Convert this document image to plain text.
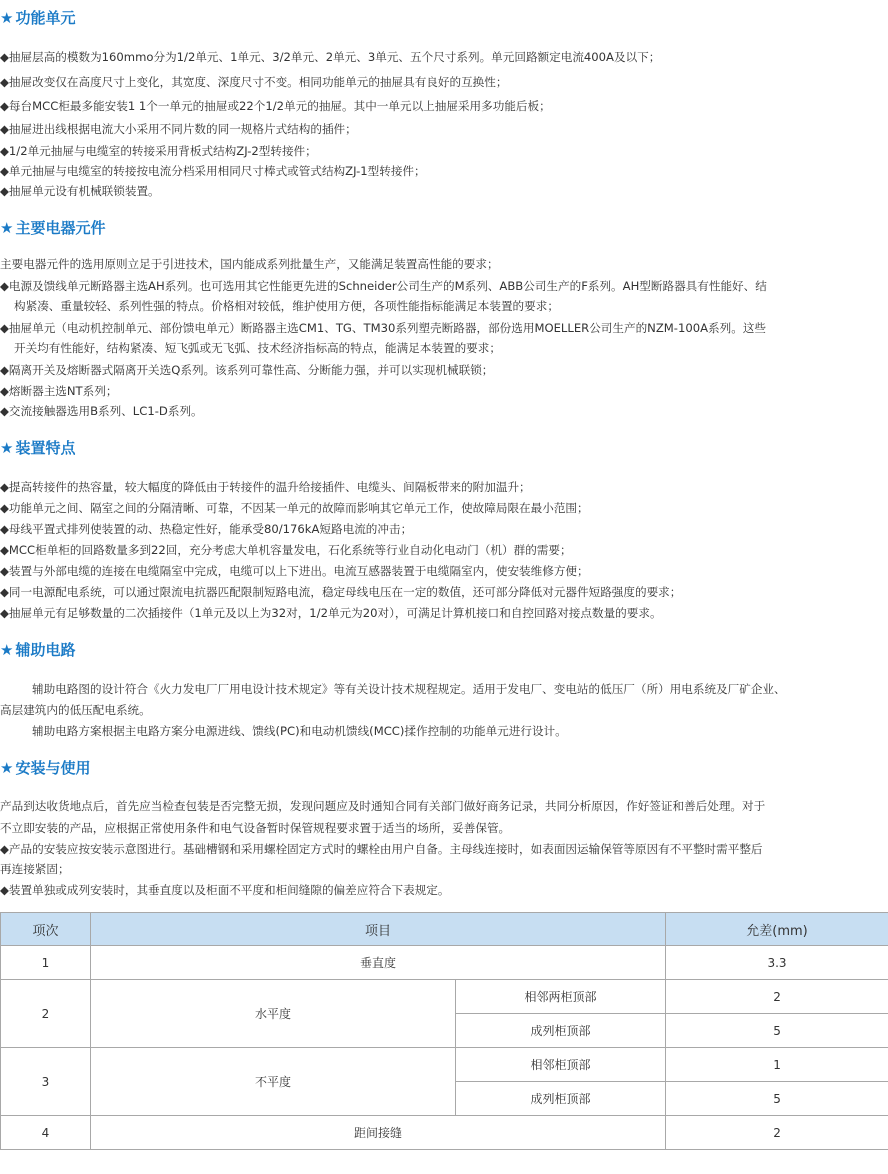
★ 功能单元
◆抽屉层高的模数为160mmo分为1/2单元、1单元、3/2单元、2单元、3单元、五个尺寸系列。单元回路额定电流400A及以下；
◆抽屉改变仅在高度尺寸上变化，其宽度、深度尺寸不变。相同功能单元的抽屉具有良好的互换性；
◆每台MCC柜最多能安装1 1个一单元的抽屉或22个1/2单元的抽屉。其中一单元以上抽屉采用多功能后板；
◆抽屉进出线根据电流大小采用不同片数的同一规格片式结构的插件；
◆1/2单元抽屉与电缆室的转接采用背板式结构ZJ-2型转接件；
◆单元抽屉与电缆室的转接按电流分档采用相同尺寸棒式或管式结构ZJ-1型转接件；
◆抽屉单元设有机械联锁装置。
★ 主要电器元件
主要电器元件的选用原则立足于引进技术，国内能成系列批量生产，又能满足装置高性能的要求；
◆电源及馈线单元断路器主选AH系列。也可选用其它性能更先进的Schneider公司生产的M系列、ABB公司生产的F系列。AH型断路器具有性能好、结
构紧凑、重量较轻、系列性强的特点。价格相对较低，维护使用方便，各项性能指标能满足本装置的要求；
◆抽屉单元（电动机控制单元、部份馈电单元）断路器主选CM1、TG、TM30系列塑壳断路器，部份选用MOELLER公司生产的NZM-100A系列。这些
开关均有性能好，结构紧凑、短飞弧或无飞弧、技术经济指标高的特点，能满足本装置的要求；
◆隔离开关及熔断器式隔离开关选Q系列。该系列可靠性高、分断能力强，并可以实现机械联锁；
◆熔断器主选NT系列；
◆交流接触器选用B系列、LC1-D系列。
★ 装置特点
◆提高转接件的热容量，较大幅度的降低由于转接件的温升给接插件、电缆头、间隔板带来的附加温升；
◆功能单元之间、隔室之间的分隔清晰、可靠，不因某一单元的故障而影响其它单元工作，使故障局限在最小范围；
◆母线平置式排列使装置的动、热稳定性好，能承受80/176kA短路电流的冲击；
◆MCC柜单柜的回路数量多到22回，充分考虑大单机容量发电，石化系统等行业自动化电动门（机）群的需要；
◆装置与外部电缆的连接在电缆隔室中完成，电缆可以上下进出。电流互感器装置于电缆隔室内，使安装维修方便；
◆同一电源配电系统，可以通过限流电抗器匹配限制短路电流，稳定母线电压在一定的数值，还可部分降低对元器件短路强度的要求；
◆抽屉单元有足够数量的二次插接件（1单元及以上为32对，1/2单元为20对），可满足计算机接口和自控回路对接点数量的要求。
★ 辅助电路
辅助电路图的设计符合《火力发电厂厂用电设计技术规定》等有关设计技术规程规定。适用于发电厂、变电站的低压厂（所）用电系统及厂矿企业、
高层建筑内的低压配电系统。
辅助电路方案根据主电路方案分电源进线、馈线(PC)和电动机馈线(MCC)揉作控制的功能单元进行设计。
★ 安装与使用
产品到达收货地点后，首先应当检查包装是否完整无损，发现问题应及时通知合同有关部门做好商务记录，共同分析原因，作好签证和善后处理。对于
不立即安装的产品，应根据正常使用条件和电气设备暂时保管规程要求置于适当的场所，妥善保管。
◆产品的安装应按安装示意图进行。基础槽钢和采用螺栓固定方式时的螺栓由用户自备。主母线连接时，如表面因运输保管等原因有不平整时需平整后
再连接紧固；
◆装置单独或成列安装时，其垂直度以及柜面不平度和柜间缝隙的偏差应符合下表规定。
项次	项目		允差(mm)
1	垂直度		3.3
2	水平度	相邻两柜顶部	2
		成列柜顶部	5
3	不平度	相邻柜顶部	1
		成列柜顶部	5
4	距间接缝		2
